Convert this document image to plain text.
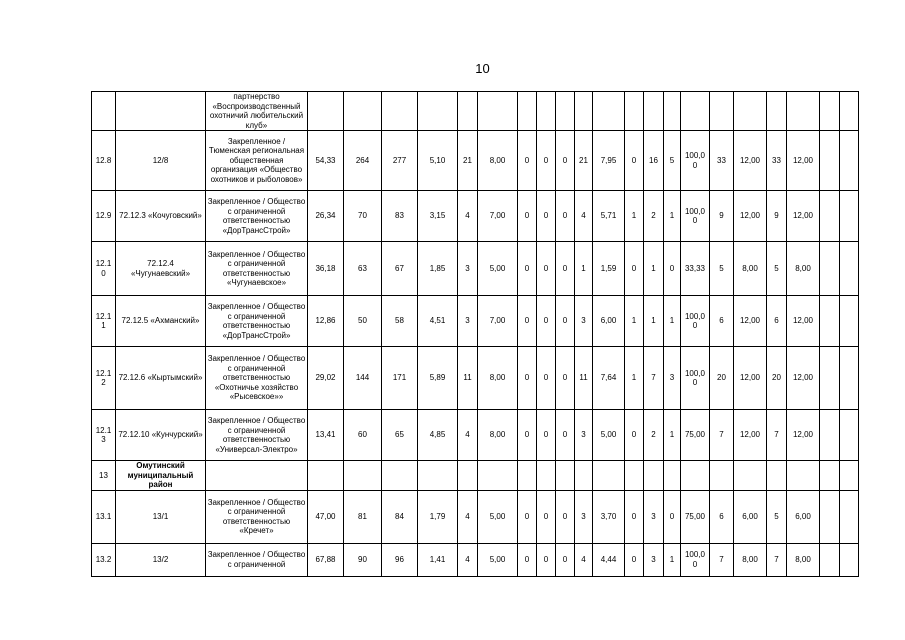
10
		партнерство «Воспроизводственный охотничий любительский клуб»																					
12.8	12/8	Закрепленное / Тюменская региональная общественная организация «Общество охотников и рыболовов»	54,33	264	277	5,10	21	8,00	0	0	0	21	7,95	0	16	5	100,0 0	33	12,00	33	12,00		
12.9	72.12.3 «Кочуговский»	Закрепленное / Общество с ограниченной ответственностью «ДорТрансСтрой»	26,34	70	83	3,15	4	7,00	0	0	0	4	5,71	1	2	1	100,0 0	9	12,00	9	12,00		
12.1 0	72.12.4 «Чугунаевский»	Закрепленное / Общество с ограниченной ответственностью «Чугунаевское»	36,18	63	67	1,85	3	5,00	0	0	0	1	1,59	0	1	0	33,33	5	8,00	5	8,00		
12.1 1	72.12.5 «Ахманский»	Закрепленное / Общество с ограниченной ответственностью «ДорТрансСтрой»	12,86	50	58	4,51	3	7,00	0	0	0	3	6,00	1	1	1	100,0 0	6	12,00	6	12,00		
12.1 2	72.12.6 «Кыртымский»	Закрепленное / Общество с ограниченной ответственностью «Охотничье хозяйство «Рысевское»»	29,02	144	171	5,89	11	8,00	0	0	0	11	7,64	1	7	3	100,0 0	20	12,00	20	12,00		
12.1 3	72.12.10 «Кунчурский»	Закрепленное / Общество с ограниченной ответственностью «Универсал-Электро»	13,41	60	65	4,85	4	8,00	0	0	0	3	5,00	0	2	1	75,00	7	12,00	7	12,00		
13	Омутинский муниципальный район																						
13.1	13/1	Закрепленное / Общество с ограниченной ответственностью «Кречет»	47,00	81	84	1,79	4	5,00	0	0	0	3	3,70	0	3	0	75,00	6	6,00	5	6,00		
13.2	13/2	Закрепленное / Общество с ограниченной	67,88	90	96	1,41	4	5,00	0	0	0	4	4,44	0	3	1	100,0 0	7	8,00	7	8,00		
